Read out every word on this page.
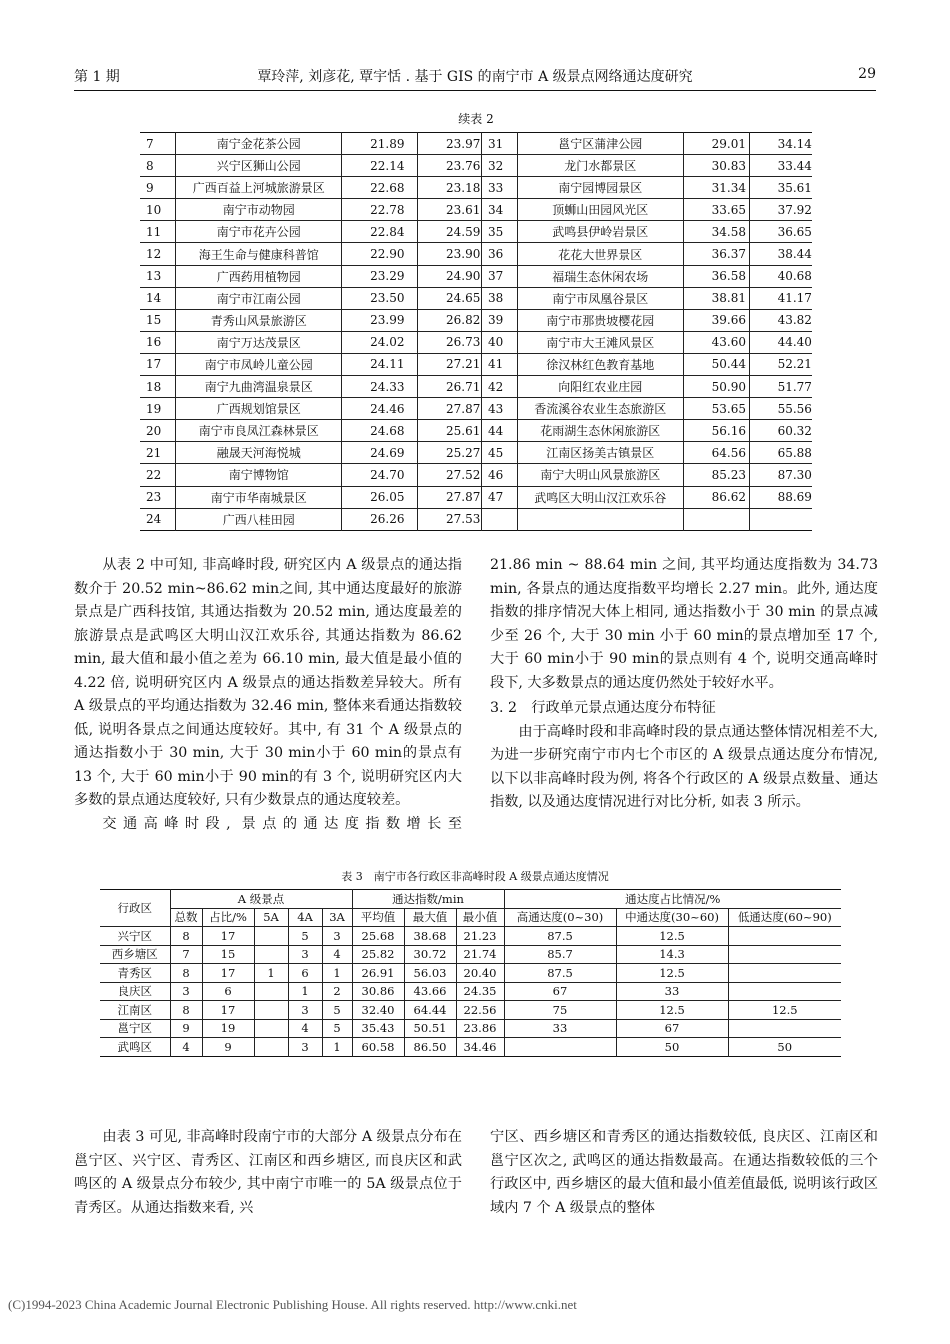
第 1 期	覃玲萍, 刘彦花, 覃宇恬 . 基于 GIS 的南宁市 A 级景点网络通达度研究	29
续表 2
7	南宁金花茶公园	21.89	23.97	31	邕宁区蒲津公园	29.01	34.14
8	兴宁区狮山公园	22.14	23.76	32	龙门水都景区	30.83	33.44
9	广西百益上河城旅游景区	22.68	23.18	33	南宁园博园景区	31.34	35.61
10	南宁市动物园	22.78	23.61	34	顶蛳山田园风光区	33.65	37.92
11	南宁市花卉公园	22.84	24.59	35	武鸣县伊岭岩景区	34.58	36.65
12	海王生命与健康科普馆	22.90	23.90	36	花花大世界景区	36.37	38.44
13	广西药用植物园	23.29	24.90	37	福瑞生态休闲农场	36.58	40.68
14	南宁市江南公园	23.50	24.65	38	南宁市凤凰谷景区	38.81	41.17
15	青秀山风景旅游区	23.99	26.82	39	南宁市那贵坡樱花园	39.66	43.82
16	南宁万达茂景区	24.02	26.73	40	南宁市大王滩风景区	43.60	44.40
17	南宁市凤岭儿童公园	24.11	27.21	41	徐汉林红色教育基地	50.44	52.21
18	南宁九曲湾温泉景区	24.33	26.71	42	向阳红农业庄园	50.90	51.77
19	广西规划馆景区	24.46	27.87	43	香流溪谷农业生态旅游区	53.65	55.56
20	南宁市良凤江森林景区	24.68	25.61	44	花雨湖生态休闲旅游区	56.16	60.32
21	融晟天河海悦城	24.69	25.27	45	江南区扬美古镇景区	64.56	65.88
22	南宁博物馆	24.70	27.52	46	南宁大明山风景旅游区	85.23	87.30
23	南宁市华南城景区	26.05	27.87	47	武鸣区大明山汉江欢乐谷	86.62	88.69
24	广西八桂田园	26.26	27.53				

从表 2 中可知, 非高峰时段, 研究区内 A 级景点的通达指数介于 20.52 min~86.62 min之间, 其中通达度最好的旅游景点是广西科技馆, 其通达指数为 20.52 min, 通达度最差的旅游景点是武鸣区大明山汉江欢乐谷, 其通达指数为 86.62 min, 最大值和最小值之差为 66.10 min, 最大值是最小值的 4.22 倍, 说明研究区内 A 级景点的通达指数差异较大。所有 A 级景点的平均通达指数为 32.46 min, 整体来看通达指数较低, 说明各景点之间通达度较好。其中, 有 31 个 A 级景点的通达指数小于 30 min, 大于 30 min小于 60 min的景点有 13 个, 大于 60 min小于 90 min的有 3 个, 说明研究区内大多数的景点通达度较好, 只有少数景点的通达度较差。

交通高峰时段, 景点的通达度指数增长至

21.86 min ~ 88.64 min 之间, 其平均通达度指数为 34.73 min, 各景点的通达度指数平均增长 2.27 min。此外, 通达度指数的排序情况大体上相同, 通达指数小于 30 min 的景点减少至 26 个, 大于 30 min 小于 60 min的景点增加至 17 个, 大于 60 min小于 90 min的景点则有 4 个, 说明交通高峰时段下, 大多数景点的通达度仍然处于较好水平。

3. 2　行政单元景点通达度分布特征

由于高峰时段和非高峰时段的景点通达整体情况相差不大, 为进一步研究南宁市内七个市区的 A 级景点通达度分布情况, 以下以非高峰时段为例, 将各个行政区的 A 级景点数量、通达指数, 以及通达度情况进行对比分析, 如表 3 所示。

表 3　南宁市各行政区非高峰时段 A 级景点通达度情况
行政区	A 级景点					通达指数/min			通达度占比情况/%		
	总数	占比/%	5A	4A	3A	平均值	最大值	最小值	高通达度(0~30)	中通达度(30~60)	低通达度(60~90)
兴宁区	8	17		5	3	25.68	38.68	21.23	87.5	12.5	
西乡塘区	7	15		3	4	25.82	30.72	21.74	85.7	14.3	
青秀区	8	17	1	6	1	26.91	56.03	20.40	87.5	12.5	
良庆区	3	6		1	2	30.86	43.66	24.35	67	33	
江南区	8	17		3	5	32.40	64.44	22.56	75	12.5	12.5
邕宁区	9	19		4	5	35.43	50.51	23.86	33	67	
武鸣区	4	9		3	1	60.58	86.50	34.46		50	50

由表 3 可见, 非高峰时段南宁市的大部分 A 级景点分布在邕宁区、兴宁区、青秀区、江南区和西乡塘区, 而良庆区和武鸣区的 A 级景点分布较少, 其中南宁市唯一的 5A 级景点位于青秀区。从通达指数来看, 兴

宁区、西乡塘区和青秀区的通达指数较低, 良庆区、江南区和邕宁区次之, 武鸣区的通达指数最高。在通达指数较低的三个行政区中, 西乡塘区的最大值和最小值差值最低, 说明该行政区域内 7 个 A 级景点的整体

(C)1994-2023 China Academic Journal Electronic Publishing House. All rights reserved. http://www.cnki.net
